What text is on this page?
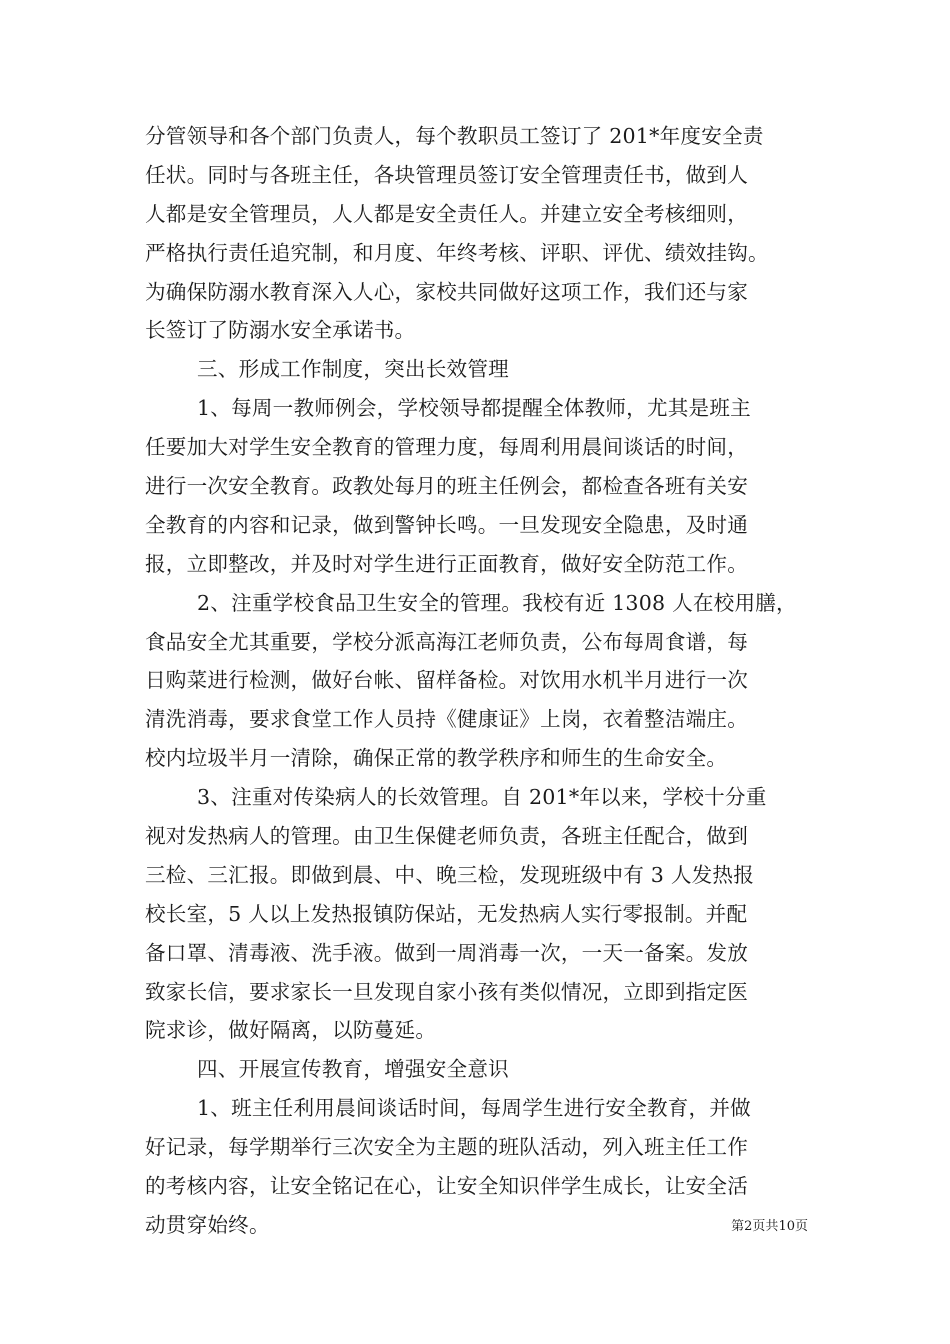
分管领导和各个部门负责人，每个教职员工签订了 201*年度安全责
任状。同时与各班主任，各块管理员签订安全管理责任书，做到人
人都是安全管理员，人人都是安全责任人。并建立安全考核细则，
严格执行责任追究制，和月度、年终考核、评职、评优、绩效挂钩。
为确保防溺水教育深入人心，家校共同做好这项工作，我们还与家
长签订了防溺水安全承诺书。
三、形成工作制度，突出长效管理
1、每周一教师例会，学校领导都提醒全体教师，尤其是班主
任要加大对学生安全教育的管理力度，每周利用晨间谈话的时间，
进行一次安全教育。政教处每月的班主任例会，都检查各班有关安
全教育的内容和记录，做到警钟长鸣。一旦发现安全隐患，及时通
报，立即整改，并及时对学生进行正面教育，做好安全防范工作。
2、注重学校食品卫生安全的管理。我校有近 1308 人在校用膳，
食品安全尤其重要，学校分派高海江老师负责，公布每周食谱，每
日购菜进行检测，做好台帐、留样备检。对饮用水机半月进行一次
清洗消毒，要求食堂工作人员持《健康证》上岗，衣着整洁端庄。
校内垃圾半月一清除，确保正常的教学秩序和师生的生命安全。
3、注重对传染病人的长效管理。自 201*年以来，学校十分重
视对发热病人的管理。由卫生保健老师负责，各班主任配合，做到
三检、三汇报。即做到晨、中、晚三检，发现班级中有 3 人发热报
校长室，5 人以上发热报镇防保站，无发热病人实行零报制。并配
备口罩、清毒液、洗手液。做到一周消毒一次，一天一备案。发放
致家长信，要求家长一旦发现自家小孩有类似情况，立即到指定医
院求诊，做好隔离，以防蔓延。
四、开展宣传教育，增强安全意识
1、班主任利用晨间谈话时间，每周学生进行安全教育，并做
好记录，每学期举行三次安全为主题的班队活动，列入班主任工作
的考核内容，让安全铭记在心，让安全知识伴学生成长，让安全活
动贯穿始终。	第2页共10页
